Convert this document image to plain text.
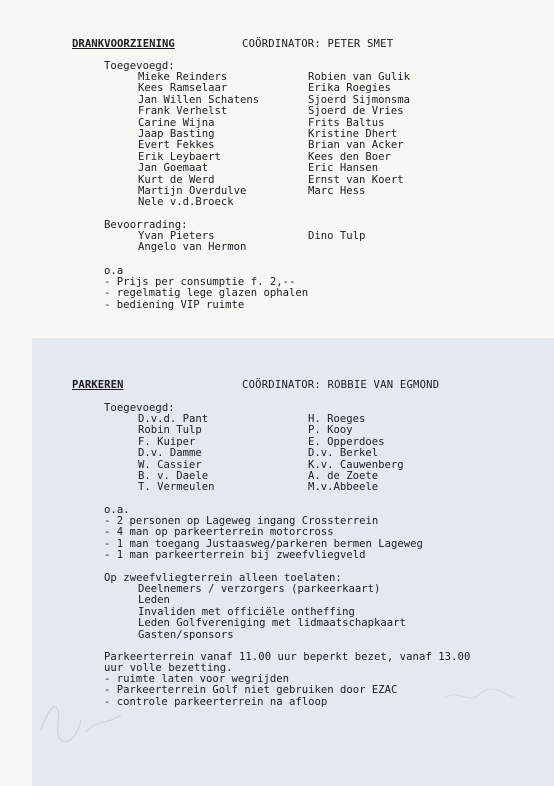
DRANKVOORZIENING	COÖRDINATOR: PETER SMET
Toegevoegd:
Mieke Reinders
Kees Ramselaar
Jan Willen Schatens
Frank Verhelst
Carine Wijna
Jaap Basting
Evert Fekkes
Erik Leybaert
Jan Goemaat
Kurt de Werd
Martijn Overdulve
Nele v.d.Broeck
Robien van Gulik
Erika Roegies
Sjoerd Sijmonsma
Sjoerd de Vries
Frits Baltus
Kristine Dhert
Brian van Acker
Kees den Boer
Eric Hansen
Ernst van Koert
Marc Hess
Bevoorrading:
Yvan Pieters
Angelo van Hermon
Dino Tulp
o.a
- Prijs per consumptie f. 2,--
- regelmatig lege glazen ophalen
- bediening VIP ruimte
PARKEREN	COÖRDINATOR: ROBBIE VAN EGMOND
Toegevoegd:
D.v.d. Pant
Robin Tulp
F. Kuiper
D.v. Damme
W. Cassier
B. v. Daele
T. Vermeulen
H. Roeges
P. Kooy
E. Opperdoes
D.v. Berkel
K.v. Cauwenberg
A. de Zoete
M.v.Abbeele
o.a.
- 2 personen op Lageweg ingang Crossterrein
- 4 man op parkeerterrein motorcross
- 1 man toegang Justaasweg/parkeren bermen Lageweg
- 1 man parkeerterrein bij zweefvliegveld
Op zweefvliegterrein alleen toelaten:
Deelnemers / verzorgers (parkeerkaart)
Leden
Invaliden met officiële ontheffing
Leden Golfvereniging met lidmaatschapkaart
Gasten/sponsors
Parkeerterrein vanaf 11.00 uur beperkt bezet, vanaf 13.00
uur volle bezetting.
- ruimte laten voor wegrijden
- Parkeerterrein Golf niet gebruiken door EZAC
- controle parkeerterrein na afloop
